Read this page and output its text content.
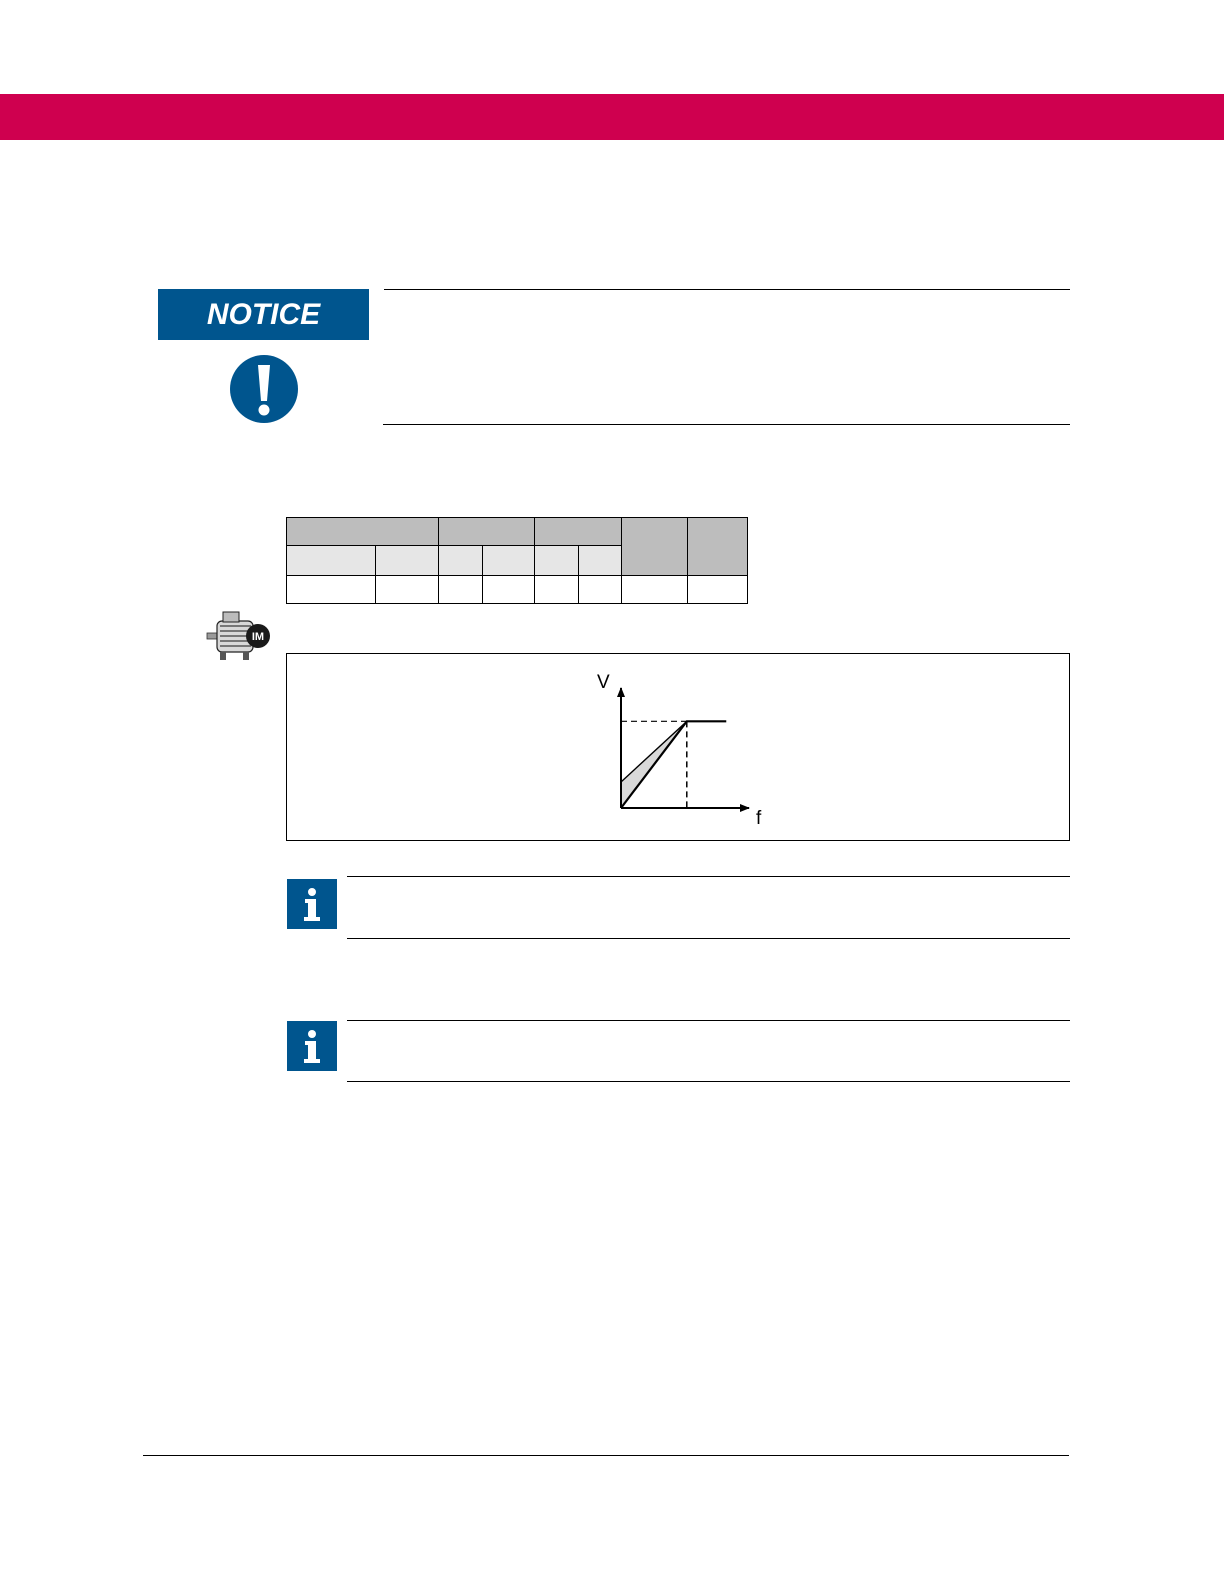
NOTICE

IM
V
f
